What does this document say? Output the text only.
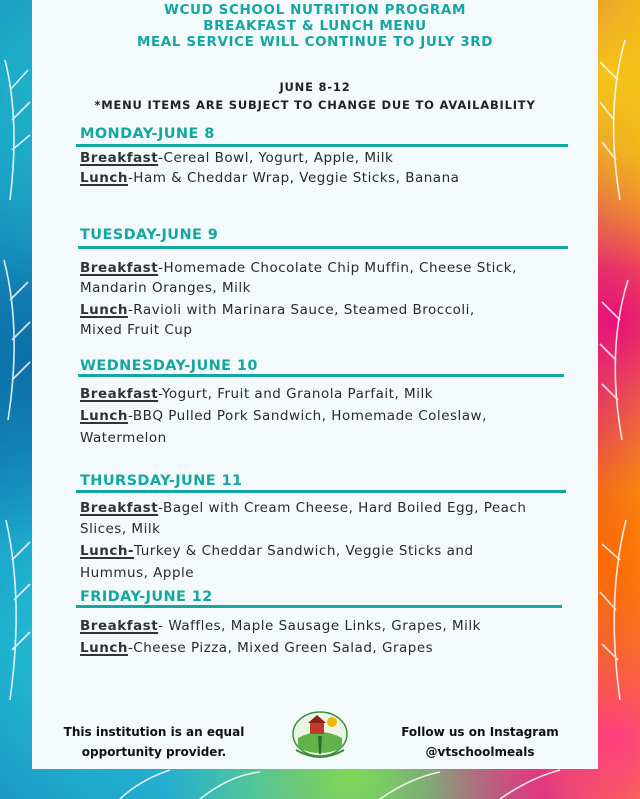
WCUD SCHOOL NUTRITION PROGRAM
BREAKFAST & LUNCH MENU
MEAL SERVICE WILL CONTINUE TO JULY 3RD
JUNE 8-12
*MENU ITEMS ARE SUBJECT TO CHANGE DUE TO AVAILABILITY
MONDAY-JUNE 8
Breakfast-Cereal Bowl, Yogurt, Apple, Milk
Lunch-Ham & Cheddar Wrap, Veggie Sticks, Banana
TUESDAY-JUNE 9
Breakfast-Homemade Chocolate Chip Muffin, Cheese Stick,
Mandarin Oranges, Milk
Lunch-Ravioli with Marinara Sauce, Steamed Broccoli,
Mixed Fruit Cup
WEDNESDAY-JUNE 10
Breakfast-Yogurt, Fruit and Granola Parfait, Milk
Lunch-BBQ Pulled Pork Sandwich, Homemade Coleslaw,
Watermelon
THURSDAY-JUNE 11
Breakfast-Bagel with Cream Cheese, Hard Boiled Egg, Peach
Slices, Milk
Lunch-Turkey & Cheddar Sandwich, Veggie Sticks and
Hummus, Apple
FRIDAY-JUNE 12
Breakfast- Waffles, Maple Sausage Links, Grapes, Milk
Lunch-Cheese Pizza, Mixed Green Salad, Grapes
This institution is an equal
opportunity provider.
Follow us on Instagram
@vtschoolmeals
